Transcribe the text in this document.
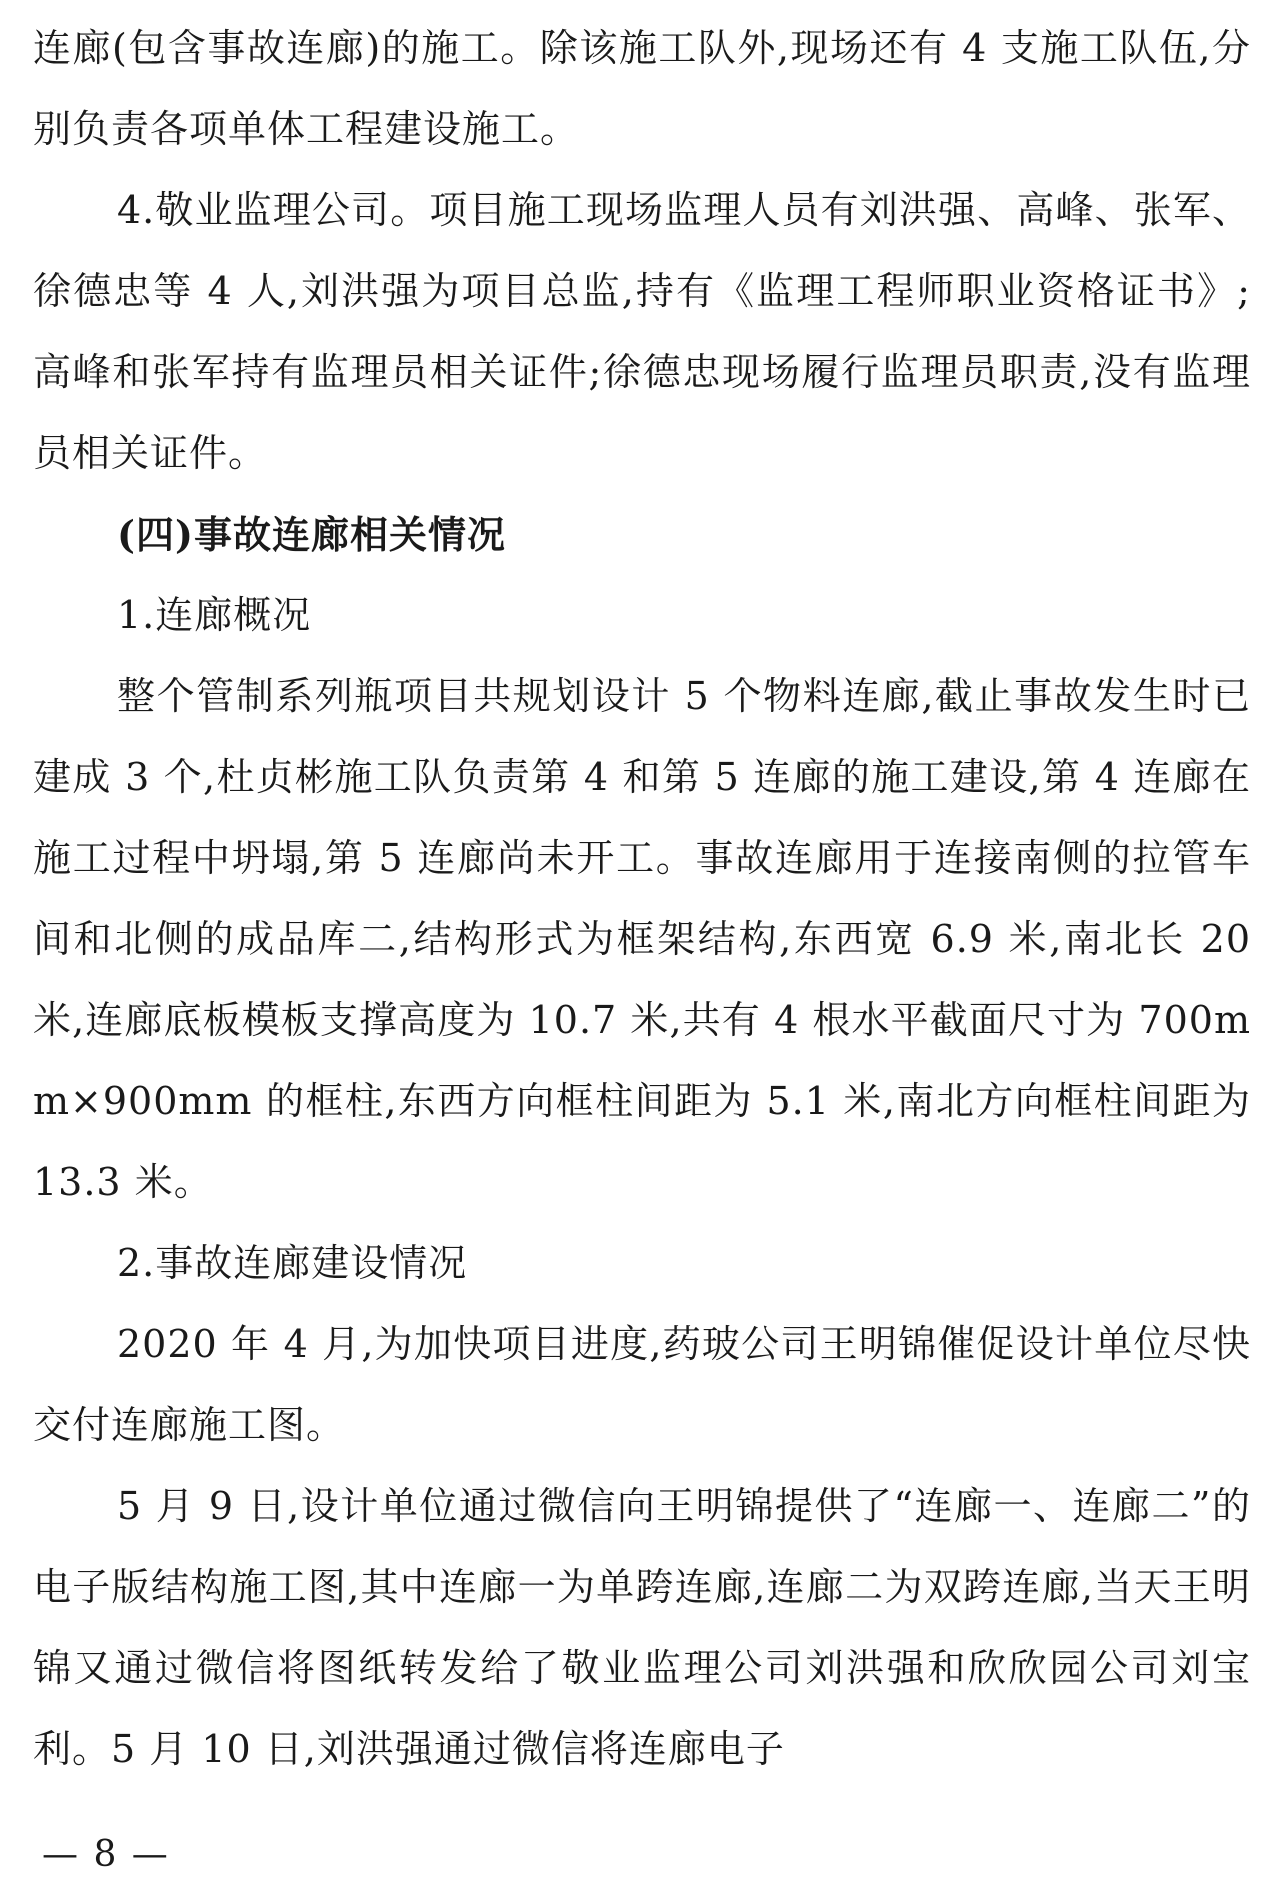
连廊(包含事故连廊)的施工。除该施工队外,现场还有 4 支施工队伍,分别负责各项单体工程建设施工。

4.敬业监理公司。项目施工现场监理人员有刘洪强、高峰、张军、徐德忠等 4 人,刘洪强为项目总监,持有《监理工程师职业资格证书》;高峰和张军持有监理员相关证件;徐德忠现场履行监理员职责,没有监理员相关证件。

(四)事故连廊相关情况

1.连廊概况

整个管制系列瓶项目共规划设计 5 个物料连廊,截止事故发生时已建成 3 个,杜贞彬施工队负责第 4 和第 5 连廊的施工建设,第 4 连廊在施工过程中坍塌,第 5 连廊尚未开工。事故连廊用于连接南侧的拉管车间和北侧的成品库二,结构形式为框架结构,东西宽 6.9 米,南北长 20 米,连廊底板模板支撑高度为 10.7 米,共有 4 根水平截面尺寸为 700mm×900mm 的框柱,东西方向框柱间距为 5.1 米,南北方向框柱间距为 13.3 米。

2.事故连廊建设情况

2020 年 4 月,为加快项目进度,药玻公司王明锦催促设计单位尽快交付连廊施工图。

5 月 9 日,设计单位通过微信向王明锦提供了“连廊一、连廊二”的电子版结构施工图,其中连廊一为单跨连廊,连廊二为双跨连廊,当天王明锦又通过微信将图纸转发给了敬业监理公司刘洪强和欣欣园公司刘宝利。5 月 10 日,刘洪强通过微信将连廊电子

— 8 —
